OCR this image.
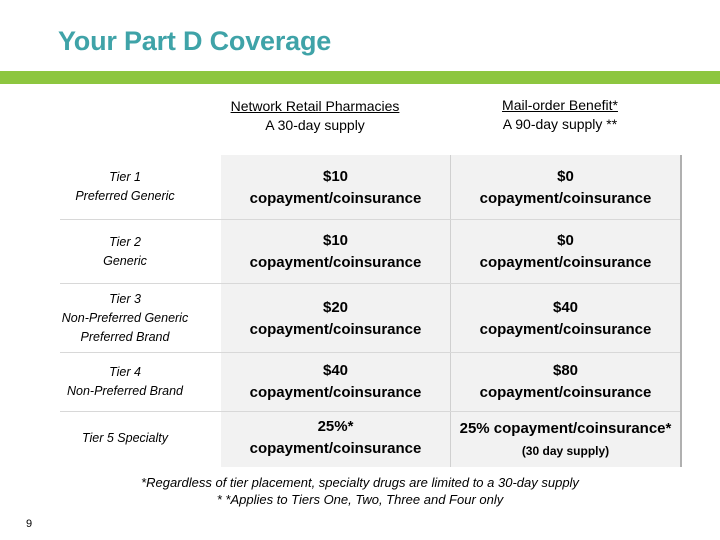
Your Part D Coverage
Network Retail Pharmacies
A 30-day supply
Mail-order Benefit*
A 90-day supply **
Tier 1
Preferred Generic
$10
copayment/coinsurance
$0
copayment/coinsurance
Tier 2
Generic
$10
copayment/coinsurance
$0
copayment/coinsurance
Tier 3
Non-Preferred Generic
Preferred Brand
$20
copayment/coinsurance
$40
copayment/coinsurance
Tier 4
Non-Preferred Brand
$40
copayment/coinsurance
$80
copayment/coinsurance
Tier 5 Specialty
25%*
copayment/coinsurance
25% copayment/coinsurance*
(30 day supply)
*Regardless of tier placement, specialty drugs are limited to a 30-day supply
* *Applies to Tiers One, Two, Three and Four only
9
